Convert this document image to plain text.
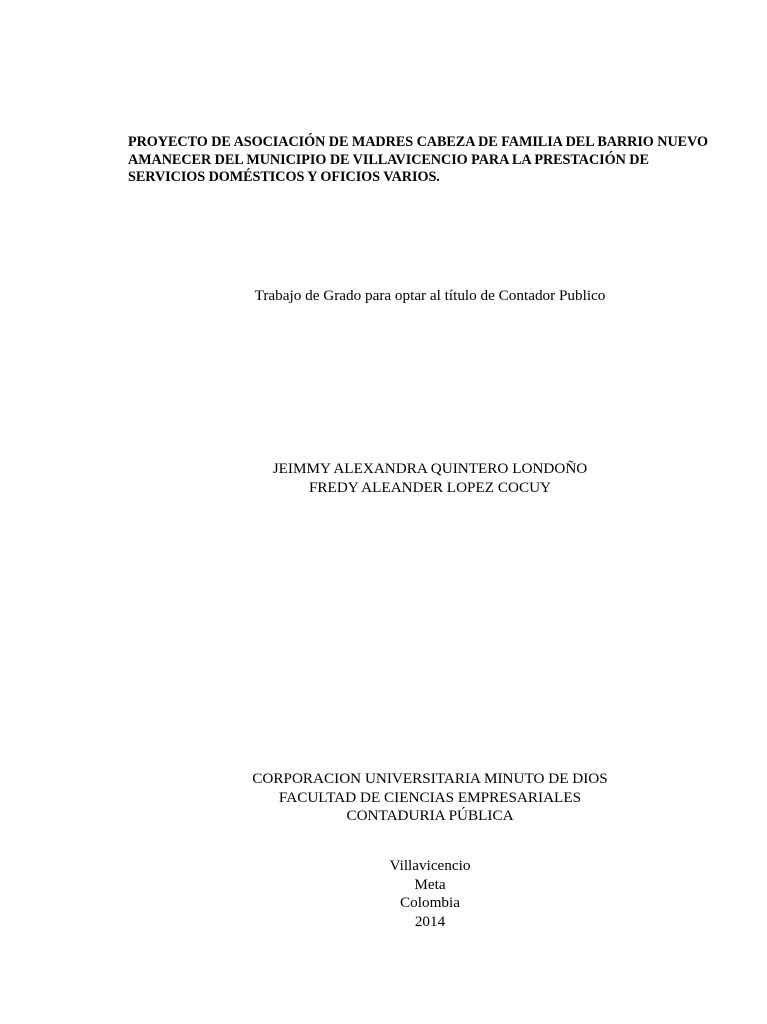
PROYECTO DE ASOCIACIÓN DE MADRES CABEZA DE FAMILIA DEL BARRIO NUEVO
AMANECER DEL MUNICIPIO DE VILLAVICENCIO PARA LA PRESTACIÓN DE
SERVICIOS DOMÉSTICOS Y OFICIOS VARIOS.
Trabajo de Grado para optar al título de Contador Publico
JEIMMY ALEXANDRA QUINTERO LONDOÑO
FREDY ALEANDER LOPEZ COCUY
CORPORACION UNIVERSITARIA MINUTO DE DIOS
FACULTAD DE CIENCIAS EMPRESARIALES
CONTADURIA PÚBLICA
Villavicencio
Meta
Colombia
2014
